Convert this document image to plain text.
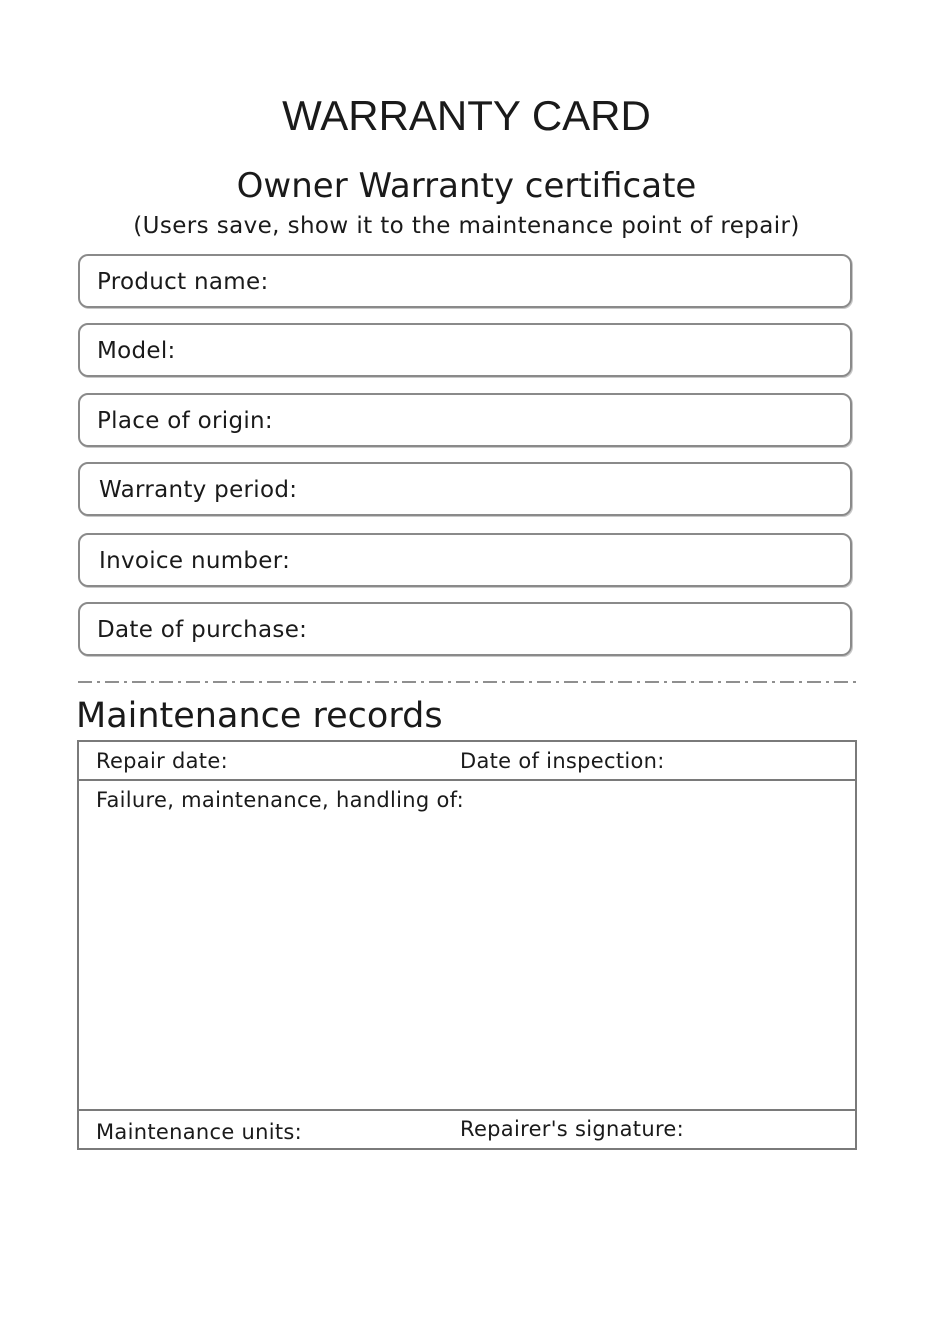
WARRANTY CARD
Owner Warranty certificate
(Users save, show it to the maintenance point of repair)
Product name:
Model:
Place of origin:
Warranty period:
Invoice number:
Date of purchase:
Maintenance records
Repair date:	Date of inspection:
Failure, maintenance, handling of:
Maintenance units:	Repairer's signature:
